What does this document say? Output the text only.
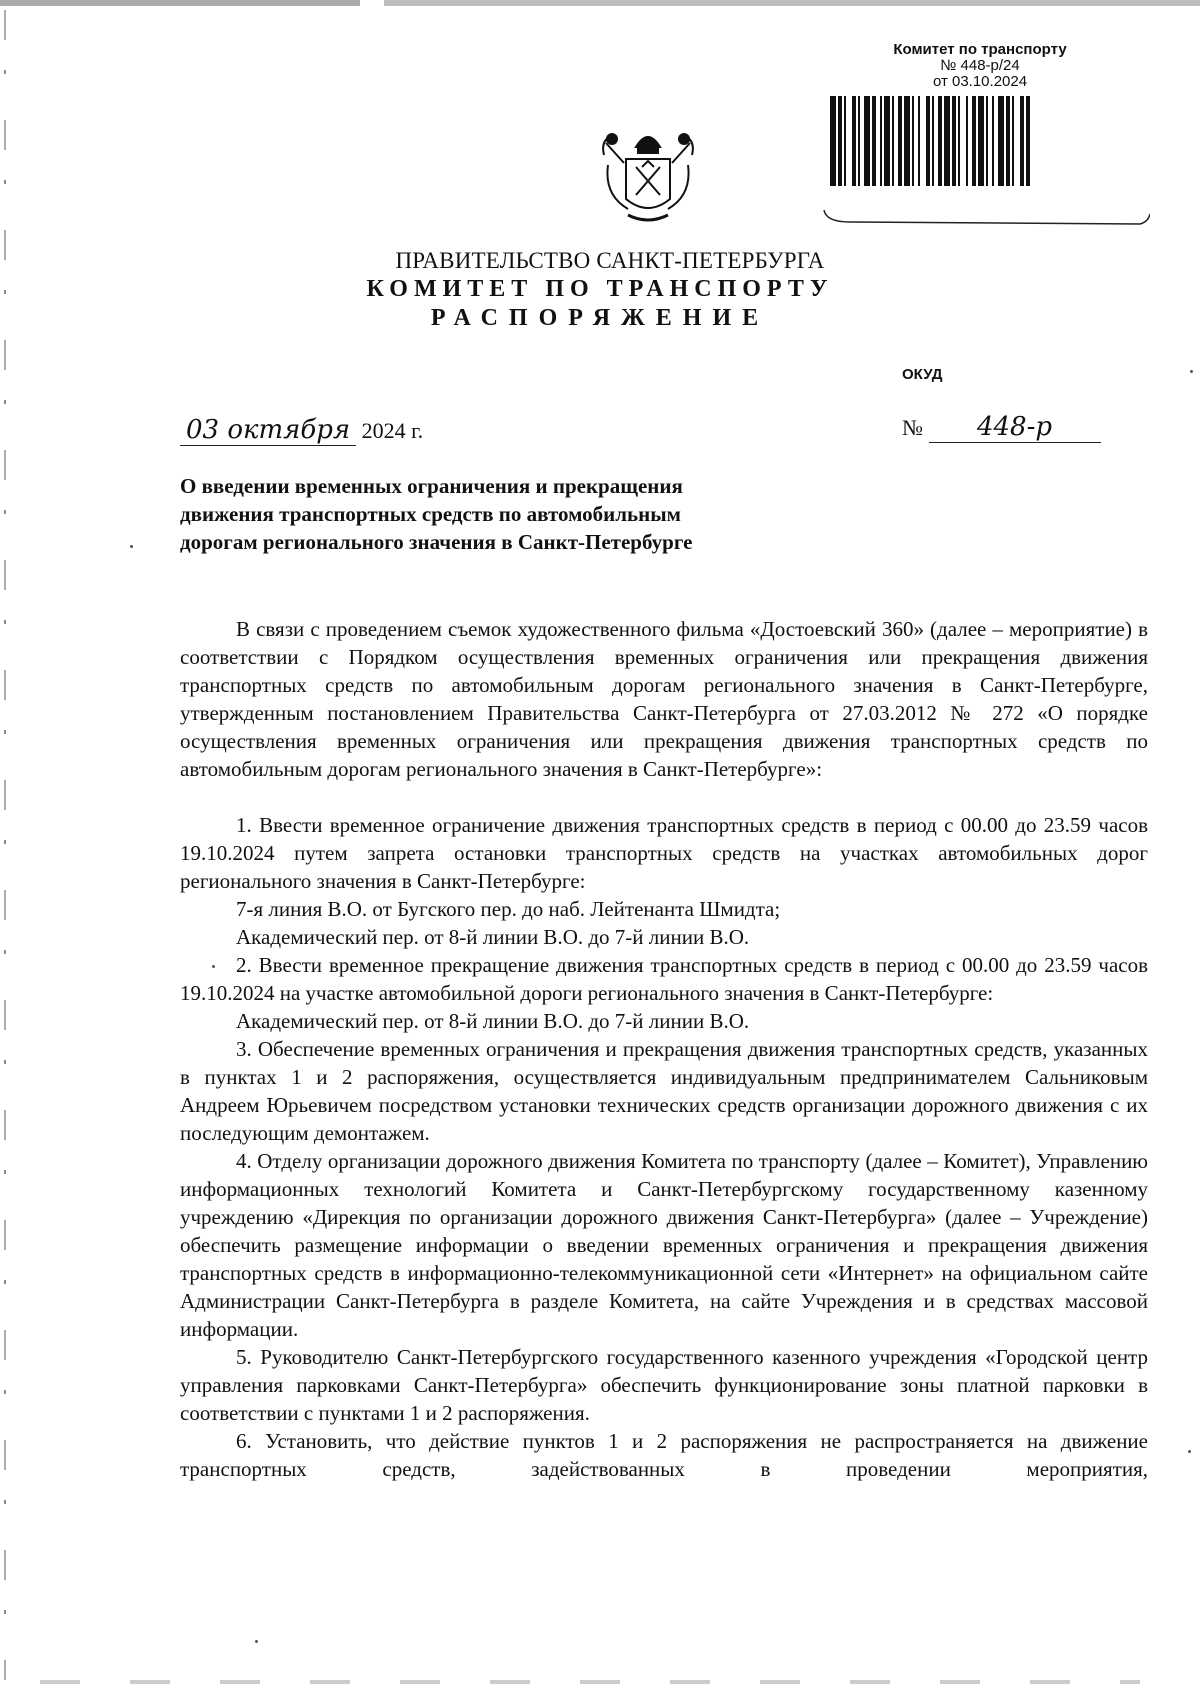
Комитет по транспорту
№ 448-р/24
от 03.10.2024
ПРАВИТЕЛЬСТВО САНКТ-ПЕТЕРБУРГА
КОМИТЕТ ПО ТРАНСПОРТУ
РАСПОРЯЖЕНИЕ
ОКУД
03 октября 2024 г.	№ 448-р
О введении временных ограничения и прекращения движения транспортных средств по автомобильным дорогам регионального значения в Санкт-Петербурге

В связи с проведением съемок художественного фильма «Достоевский 360» (далее – мероприятие) в соответствии с Порядком осуществления временных ограничения или прекращения движения транспортных средств по автомобильным дорогам регионального значения в Санкт-Петербурге, утвержденным постановлением Правительства Санкт-Петербурга от 27.03.2012 № 272 «О порядке осуществления временных ограничения или прекращения движения транспортных средств по автомобильным дорогам регионального значения в Санкт-Петербурге»:

1. Ввести временное ограничение движения транспортных средств в период с 00.00 до 23.59 часов 19.10.2024 путем запрета остановки транспортных средств на участках автомобильных дорог регионального значения в Санкт-Петербурге:

7-я линия В.О. от Бугского пер. до наб. Лейтенанта Шмидта;

Академический пер. от 8-й линии В.О. до 7-й линии В.О.

2. Ввести временное прекращение движения транспортных средств в период с 00.00 до 23.59 часов 19.10.2024 на участке автомобильной дороги регионального значения в Санкт-Петербурге:

Академический пер. от 8-й линии В.О. до 7-й линии В.О.

3. Обеспечение временных ограничения и прекращения движения транспортных средств, указанных в пунктах 1 и 2 распоряжения, осуществляется индивидуальным предпринимателем Сальниковым Андреем Юрьевичем посредством установки технических средств организации дорожного движения с их последующим демонтажем.

4. Отделу организации дорожного движения Комитета по транспорту (далее – Комитет), Управлению информационных технологий Комитета и Санкт-Петербургскому государственному казенному учреждению «Дирекция по организации дорожного движения Санкт-Петербурга» (далее – Учреждение) обеспечить размещение информации о введении временных ограничения и прекращения движения транспортных средств в информационно-телекоммуникационной сети «Интернет» на официальном сайте Администрации Санкт-Петербурга в разделе Комитета, на сайте Учреждения и в средствах массовой информации.

5. Руководителю Санкт-Петербургского государственного казенного учреждения «Городской центр управления парковками Санкт-Петербурга» обеспечить функционирование зоны платной парковки в соответствии с пунктами 1 и 2 распоряжения.

6. Установить, что действие пунктов 1 и 2 распоряжения не распространяется на движение транспортных средств, задействованных в проведении мероприятия,
